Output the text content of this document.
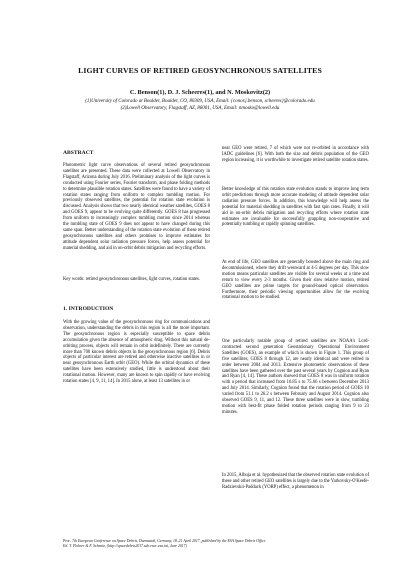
LIGHT CURVES OF RETIRED GEOSYNCHRONOUS SATELLITES
C. Benson(1), D. J. Scheeres(1), and N. Moskovitz(2)
(1)University of Colorado at Boulder, Boulder, CO, 80309, USA, Email: {conor.j.benson, scheeres}@colorado.edu
(2)Lowell Observatory, Flagstaff, AZ, 86001, USA, Email: nmosko@lowell.edu
ABSTRACT

Photometric light curve observations of several retired geosynchronous satellites are presented. These data were collected at Lowell Observatory in Flagstaff, Arizona during July 2016. Preliminary analysis of the light curves is conducted using Fourier series, Fourier transform, and phase folding methods to determine plausible rotation states. Satellites were found to have a variety of rotation states ranging from uniform to complex tumbling motion. For previously observed satellites, the potential for rotation state evolution is discussed. Analysis shows that two nearly identical weather satellites, GOES 8 and GOES 9, appear to be evolving quite differently. GOES 8 has progressed from uniform to increasingly complex tumbling motion since 2014 whereas the tumbling state of GOES 9 does not appear to have changed during this same span. Better understanding of the rotation state evolution of these retired geosynchronous satellites and others promises to improve estimates for attitude dependent solar radiation pressure forces, help assess potential for material shedding, and aid in on-orbit debris mitigation and recycling efforts.

Key words: retired geosynchronous satellites, light curves, rotation states.

1. INTRODUCTION

With the growing value of the geosynchronous ring for communications and observation, understanding the debris in this region is all the more important. The geosynchronous region is especially susceptible to space debris accumulation given the absence of atmospheric drag. Without this natural de-orbiting process, objects will remain in orbit indefinitely. There are currently more than 700 known debris objects in the geosynchronous region [6]. Debris objects of particular interest are retired and otherwise inactive satellites in or near geosynchronous Earth orbit (GEO). While the orbital dynamics of these satellites have been extensively studied, little is understood about their rotational motion. However, many are known to spin rapidly or have evolving rotation states [4, 9, 11, 14]. In 2015 alone, at least 13 satellites in or

near GEO were retired, 7 of which were not re-orbited in accordance with IADC guidelines [6]. With both the size and debris population of the GEO region increasing, it is worthwhile to investigate retired satellite rotation states.

Better knowledge of this rotation state evolution stands to improve long term orbit predictions through more accurate modeling of attitude dependent solar radiation pressure forces. In addition, this knowledge will help assess the potential for material shedding in satellites with fast spin rates. Finally, it will aid in on-orbit debris mitigation and recycling efforts where rotation state estimates are invaluable for successfully grappling non-cooperative and potentially tumbling or rapidly spinning satellites.

At end of life, GEO satellites are generally boosted above the main ring and decommissioned, where they drift westward at 4-5 degrees per day. This slow motion means particular satellites are visible for several weeks at a time and return to view every 2-3 months. Given their slow relative motion, retired GEO satellites are prime targets for ground-based optical observation. Furthermore, their periodic viewing opportunities allow for the evolving rotational motion to be studied.

One particularly notable group of retired satellites are NOAA's Lord-contracted second generation Geostationary Operational Environment Satellites (GOES), an example of which is shown in Figure 1. This group of five satellites, GOES 8 through 12, are nearly identical and were retired in order between 2004 and 2013. Extensive photometric observations of these satellites have been gathered over the past several years by Cognion and Ryan and Ryan [4, 14]. These authors showed that GOES 8 was in uniform rotation with a period that increased from 16.85 s to 75.66 s between December 2013 and July 2014. Similarly, Cognion found that the rotation period of GOES 10 varied from 51.1 to 26.2 s between February and August 2014. Cognion also observed GOES 9, 11, and 12. These three satellites were in slow, tumbling motion with best-fit phase folded rotation periods ranging from 9 to 23 minutes.

In 2015, Albuja et al. hypothesized that the observed rotation state evolution of these and other retired GEO satellites is largely due to the Yarkovsky-O'Keefe-Radzievskii-Paddack (YORP) effect, a phenomenon in

Proc. 7th European Conference on Space Debris, Darmstadt, Germany, 18–21 April 2017, published by the ESA Space Debris Office
Ed. T. Flohrer & F. Schmitz, (http://spacedebris2017.sdo.esoc.esa.int, June 2017)
